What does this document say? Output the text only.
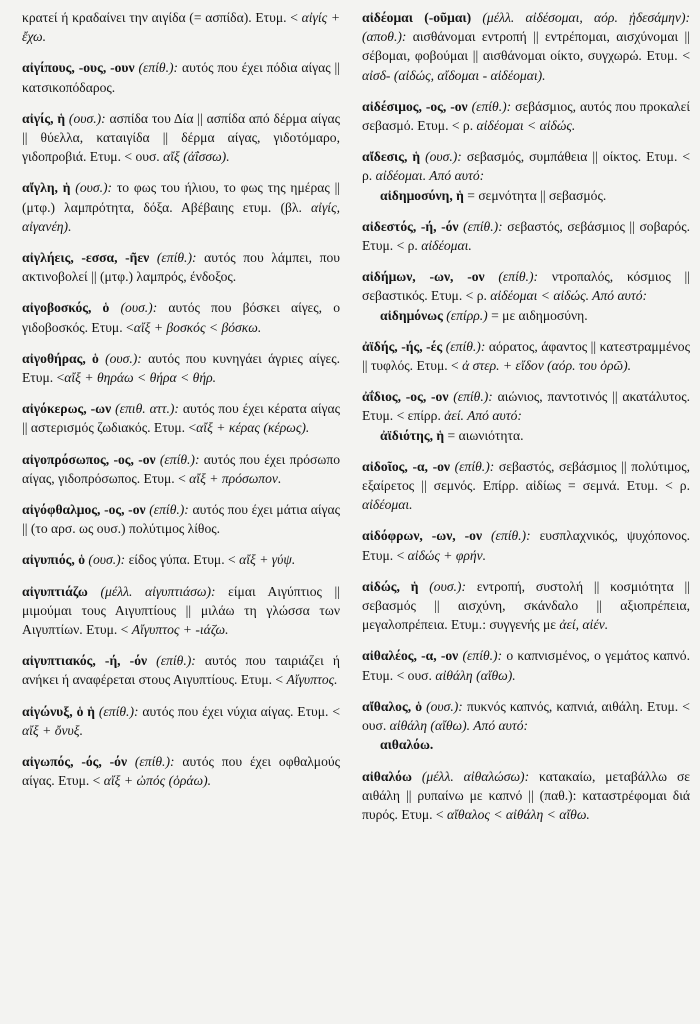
κρατεί ή κραδαίνει την αιγίδα (= ασπίδα). Ετυμ. < αἰγίς + ἔχω.
αἰγίπους, -ους, -ουν (επίθ.): αυτός που έχει πόδια αίγας || κατσικοπόδαρος.
αἰγίς, ἡ (ουσ.): ασπίδα του Δία || ασπίδα από δέρμα αίγας || θύελλα, καταιγίδα || δέρμα αίγας, γιδοτόμαρο, γιδοπροβιά. Ετυμ. < ουσ. αἴξ (ἀΐσσω).
αἴγλη, ἡ (ουσ.): το φως του ήλιου, το φως της ημέρας || (μτφ.) λαμπρότητα, δόξα. Αβέβαιης ετυμ. (βλ. αἰγίς, αἰγανέη).
αἰγλήεις, -εσσα, -ῆεν (επίθ.): αυτός που λάμπει, που ακτινοβολεί || (μτφ.) λαμπρός, ένδοξος.
αἰγοβοσκός, ὁ (ουσ.): αυτός που βόσκει αίγες, ο γιδοβοσκός. Ετυμ. <αἴξ + βοσκός < βόσκω.
αἰγοθήρας, ὁ (ουσ.): αυτός που κυνηγάει άγριες αίγες. Ετυμ. <αἴξ + θηράω < θήρα < θήρ.
αἰγόκερως, -ων (επιθ. αττ.): αυτός που έχει κέρατα αίγας || αστερισμός ζωδιακός. Ετυμ. <αἴξ + κέρας (κέρως).
αἰγοπρόσωπος, -ος, -ον (επίθ.): αυτός που έχει πρόσωπο αίγας, γιδοπρόσωπος. Ετυμ. < αἴξ + πρόσωπον.
αἰγόφθαλμος, -ος, -ον (επίθ.): αυτός που έχει μάτια αίγας || (το αρσ. ως ουσ.) πολύτιμος λίθος.
αἰγυπιός, ὁ (ουσ.): είδος γύπα. Ετυμ. < αἴξ + γύψ.
αἰγυπτιάζω (μέλλ. αἰγυπτιάσω): είμαι Αιγύπτιος || μιμούμαι τους Αιγυπτίους || μιλάω τη γλώσσα των Αιγυπτίων. Ετυμ. < Αἴγυπτος + -ιάζω.
αἰγυπτιακός, -ή, -όν (επίθ.): αυτός που ταιριάζει ή ανήκει ή αναφέρεται στους Αιγυπτίους. Ετυμ. < Αἴγυπτος.
αἰγώνυξ, ὁ ἡ (επίθ.): αυτός που έχει νύχια αίγας. Ετυμ. < αἴξ + ὄνυξ.
αἰγωπός, -ός, -όν (επίθ.): αυτός που έχει οφθαλμούς αίγας. Ετυμ. < αἴξ + ὠπός (ὁράω).
αἰδέομαι (-οῦμαι) (μέλλ. αἰδέσομαι, αόρ. ᾐδεσάμην): (αποθ.): αισθάνομαι εντροπή || εντρέπομαι, αισχύνομαι || σέβομαι, φοβούμαι || αισθάνομαι οίκτο, συγχωρώ. Ετυμ. < αἰσδ- (αἰδώς, αἴδομαι - αἰδέομαι).
αἰδέσιμος, -ος, -ον (επίθ.): σεβάσμιος, αυτός που προκαλεί σεβασμό. Ετυμ. < ρ. αἰδέομαι < αἰδώς.
αἴδεσις, ἡ (ουσ.): σεβασμός, συμπάθεια || οίκτος. Ετυμ. < ρ. αἰδέομαι. Από αυτό:
αἰδημοσύνη, ἡ = σεμνότητα || σεβασμός.
αἰδεστός, -ή, -όν (επίθ.): σεβαστός, σεβάσμιος || σοβαρός. Ετυμ. < ρ. αἰδέομαι.
αἰδήμων, -ων, -ον (επίθ.): ντροπαλός, κόσμιος || σεβαστικός. Ετυμ. < ρ. αἰδέομαι < αἰδώς. Από αυτό:
αἰδημόνως (επίρρ.) = με αιδημοσύνη.
ἀϊδής, -ής, -ές (επίθ.): αόρατος, άφαντος || κατεστραμμένος || τυφλός. Ετυμ. < ἀ στερ. + εἴδον (αόρ. του ὁρῶ).
ἀΐδιος, -ος, -ον (επίθ.): αιώνιος, παντοτινός || ακατάλυτος. Ετυμ. < επίρρ. ἀεί. Από αυτό:
ἀϊδιότης, ἡ = αιωνιότητα.
αἰδοῖος, -α, -ον (επίθ.): σεβαστός, σεβάσμιος || πολύτιμος, εξαίρετος || σεμνός. Επίρρ. αἰδίως = σεμνά. Ετυμ. < ρ. αἰδέομαι.
αἰδόφρων, -ων, -ον (επίθ.): ευσπλαχνικός, ψυχόπονος. Ετυμ. < αἰδώς + φρήν.
αἰδώς, ἡ (ουσ.): εντροπή, συστολή || κοσμιότητα || σεβασμός || αισχύνη, σκάνδαλο || αξιοπρέπεια, μεγαλοπρέπεια. Ετυμ.: συγγενής με ἀεί, αἰέν.
αἰθαλέος, -α, -ον (επίθ.): ο καπνισμένος, ο γεμάτος καπνό. Ετυμ. < ουσ. αἰθάλη (αἴθω).
αἴθαλος, ὁ (ουσ.): πυκνός καπνός, καπνιά, αιθάλη. Ετυμ. < ουσ. αἰθάλη (αἴθω). Από αυτό:
αιθαλόω.
αἰθαλόω (μέλλ. αἰθαλώσω): κατακαίω, μεταβάλλω σε αιθάλη || ρυπαίνω με καπνό || (παθ.): καταστρέφομαι διά πυρός. Ετυμ. < αἴθαλος < αἰθάλη < αἴθω.
